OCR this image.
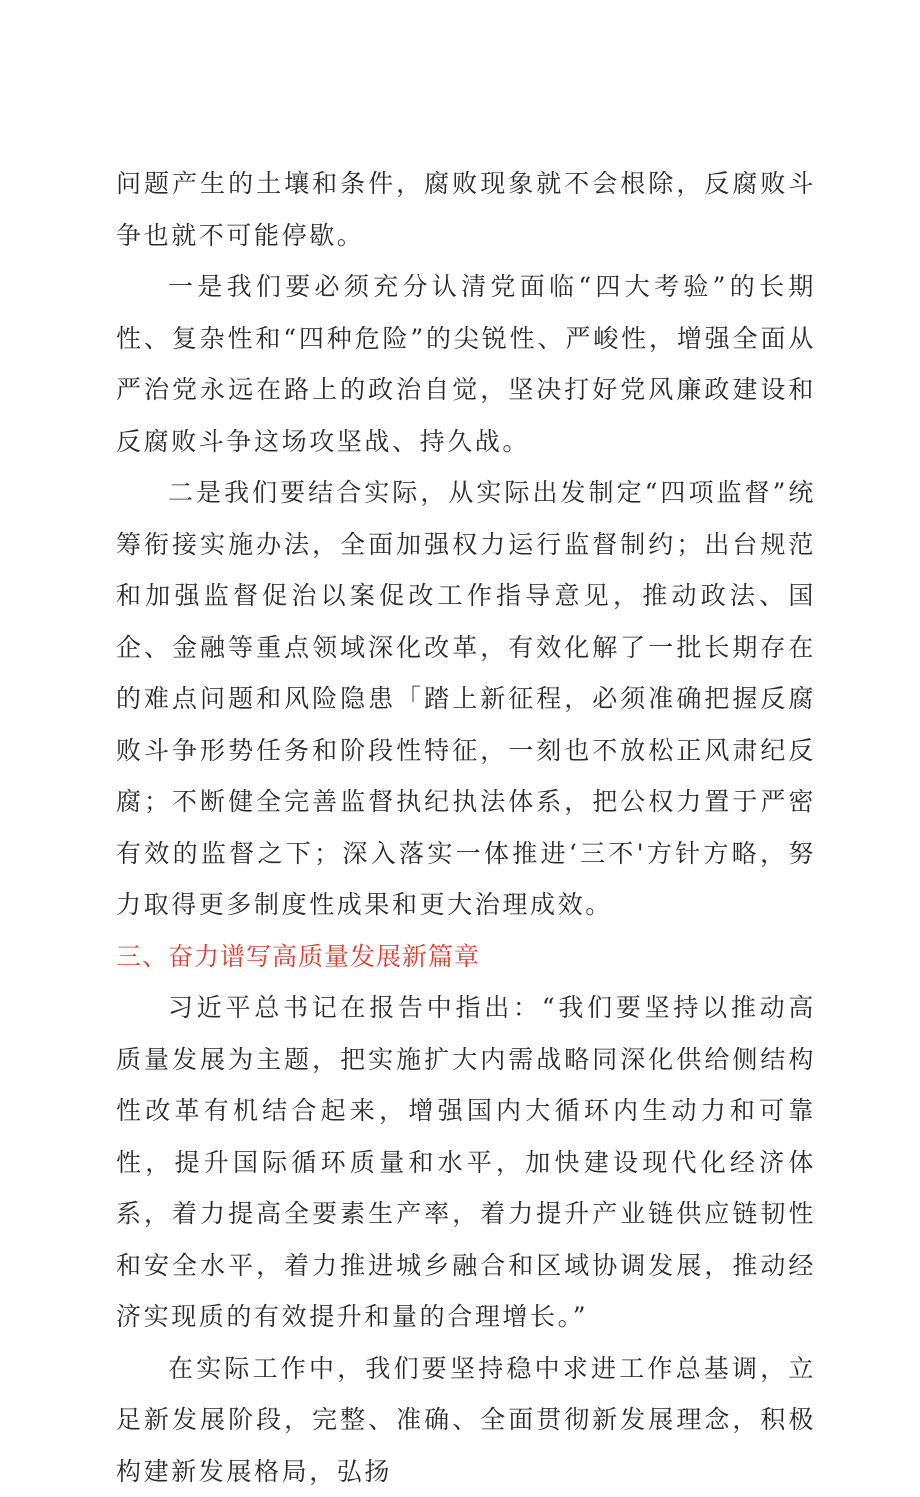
问题产生的土壤和条件，腐败现象就不会根除，反腐败斗争也就不可能停歇。

一是我们要必须充分认清党面临“四大考验”的长期性、复杂性和“四种危险”的尖锐性、严峻性，增强全面从严治党永远在路上的政治自觉，坚决打好党风廉政建设和反腐败斗争这场攻坚战、持久战。

二是我们要结合实际，从实际出发制定“四项监督”统筹衔接实施办法，全面加强权力运行监督制约；出台规范和加强监督促治以案促改工作指导意见，推动政法、国企、金融等重点领域深化改革，有效化解了一批长期存在的难点问题和风险隐患「踏上新征程，必须准确把握反腐败斗争形势任务和阶段性特征，一刻也不放松正风肃纪反腐；不断健全完善监督执纪执法体系，把公权力置于严密有效的监督之下；深入落实一体推进‘三不'方针方略，努力取得更多制度性成果和更大治理成效。

三、奋力谱写高质量发展新篇章

习近平总书记在报告中指出：“我们要坚持以推动高质量发展为主题，把实施扩大内需战略同深化供给侧结构性改革有机结合起来，增强国内大循环内生动力和可靠性，提升国际循环质量和水平，加快建设现代化经济体系，着力提高全要素生产率，着力提升产业链供应链韧性和安全水平，着力推进城乡融合和区域协调发展，推动经济实现质的有效提升和量的合理增长。”

在实际工作中，我们要坚持稳中求进工作总基调，立足新发展阶段，完整、准确、全面贯彻新发展理念，积极构建新发展格局，弘扬
